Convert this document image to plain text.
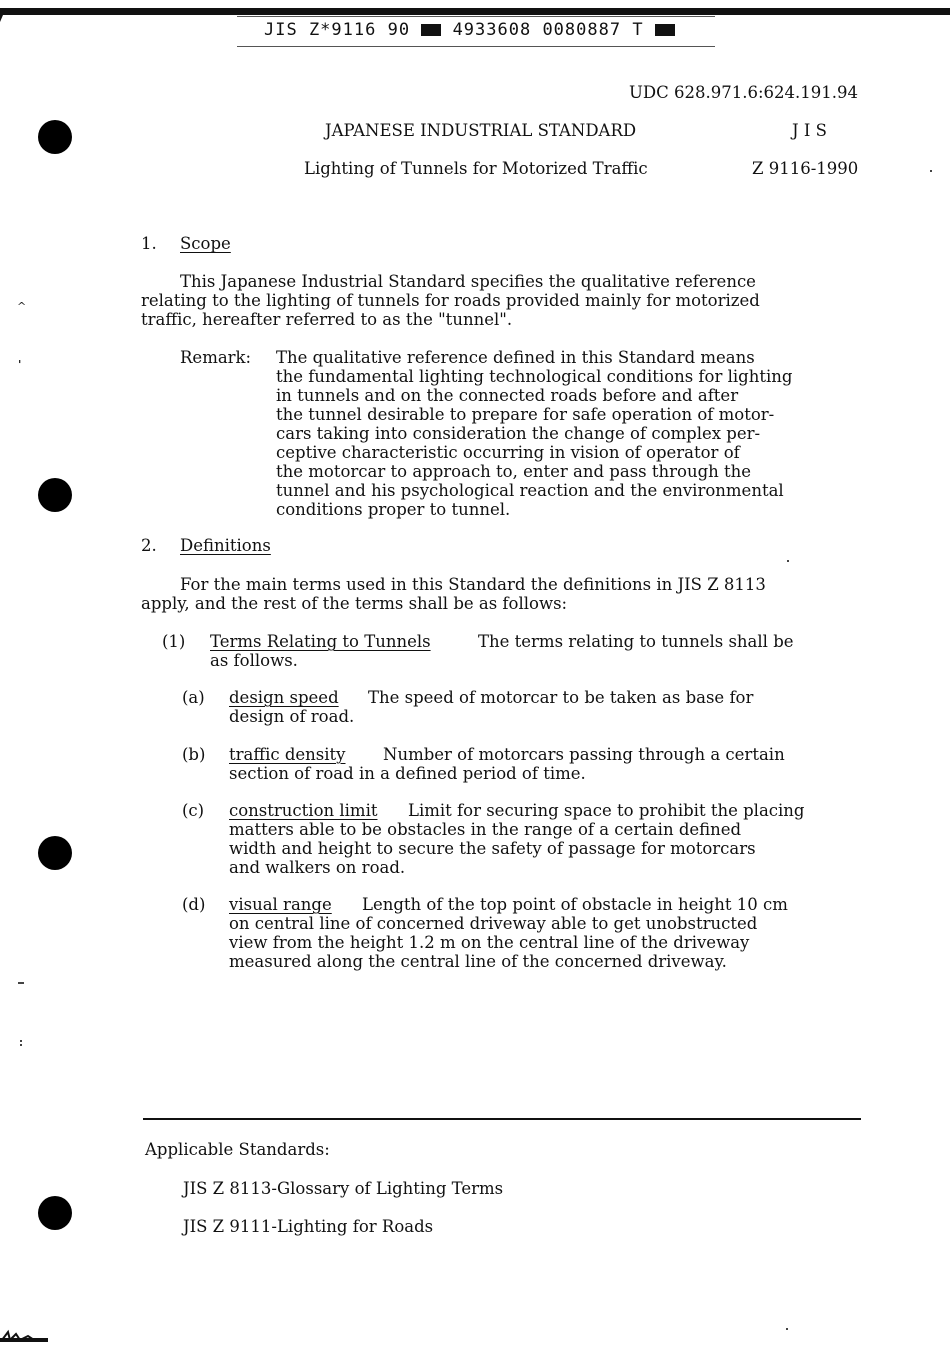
JIS Z*9116 90	4933608 0080887 T
^
'
UDC 628.971.6:624.191.94
JAPANESE INDUSTRIAL STANDARD	J I S
Lighting of Tunnels for Motorized Traffic	Z 9116-1990
1. Scope
This Japanese Industrial Standard specifies the qualitative reference
relating to the lighting of tunnels for roads provided mainly for motorized
traffic, hereafter referred to as the "tunnel".
Remark: The qualitative reference defined in this Standard means
the fundamental lighting technological conditions for lighting
in tunnels and on the connected roads before and after
the tunnel desirable to prepare for safe operation of motor-
cars taking into consideration the change of complex per-
ceptive characteristic occurring in vision of operator of
the motorcar to approach to, enter and pass through the
tunnel and his psychological reaction and the environmental
conditions proper to tunnel.
2. Definitions
For the main terms used in this Standard the definitions in JIS Z 8113
apply, and the rest of the terms shall be as follows:
(1) Terms Relating to Tunnels	The terms relating to tunnels shall be
as follows.
(a) design speed The speed of motorcar to be taken as base for
design of road.
(b) traffic density Number of motorcars passing through a certain
section of road in a defined period of time.
(c) construction limit Limit for securing space to prohibit the placing
matters able to be obstacles in the range of a certain defined
width and height to secure the safety of passage for motorcars
and walkers on road.
(d) visual range Length of the top point of obstacle in height 10 cm
on central line of concerned driveway able to get unobstructed
view from the height 1.2 m on the central line of the driveway
measured along the central line of the concerned driveway.
Applicable Standards:
JIS Z 8113-Glossary of Lighting Terms
JIS Z 9111-Lighting for Roads
